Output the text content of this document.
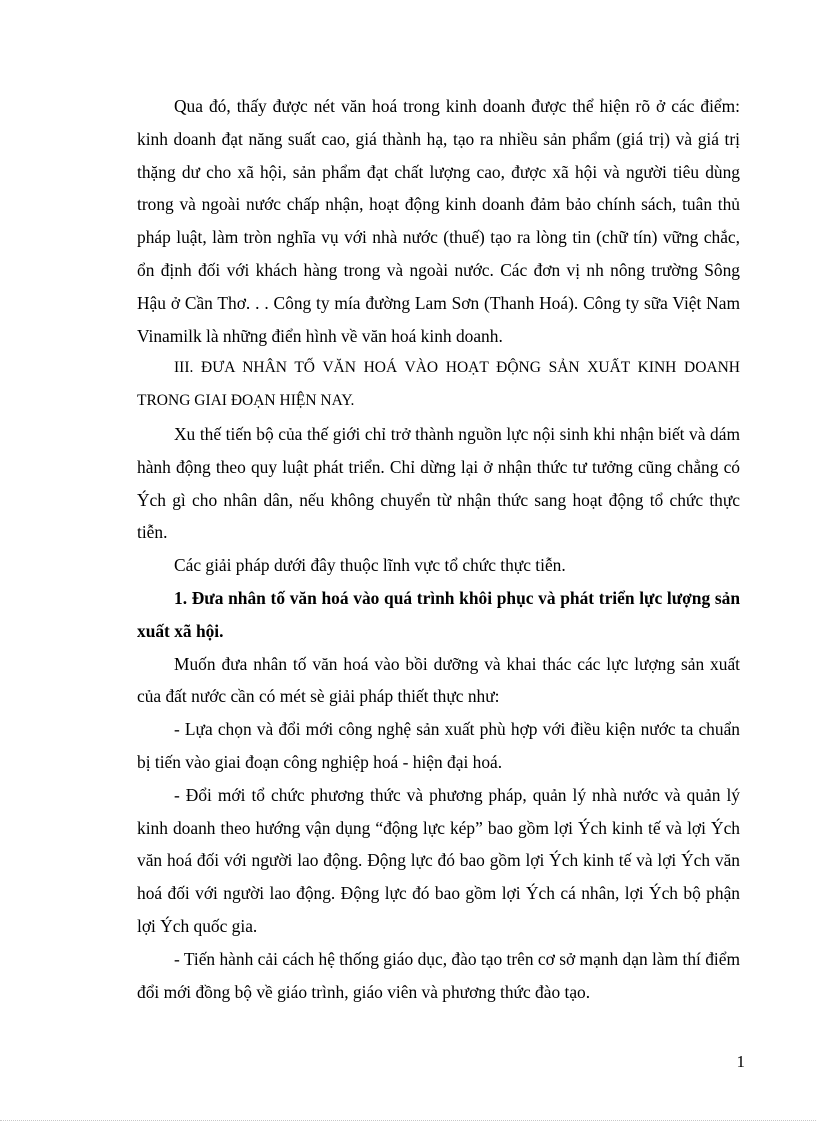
Qua đó, thấy được nét văn hoá trong kinh doanh được thể hiện rõ ở các điểm: kinh doanh đạt năng suất cao, giá thành hạ, tạo ra nhiều sản phẩm (giá trị) và giá trị thặng dư cho xã hội, sản phẩm đạt chất lượng cao, được xã hội và người tiêu dùng trong và ngoài nước chấp nhận, hoạt động kinh doanh đảm bảo chính sách, tuân thủ pháp luật, làm tròn nghĩa vụ với nhà nước (thuế) tạo ra lòng tin (chữ tín) vững chắc, ổn định đối với khách hàng trong và ngoài nước. Các đơn vị nh nông trường Sông Hậu ở Cần Thơ. . . Công ty mía đường Lam Sơn (Thanh Hoá). Công ty sữa Việt Nam Vinamilk là những điển hình về văn hoá kinh doanh.

III. ĐƯA NHÂN TỐ VĂN HOÁ VÀO HOẠT ĐỘNG SẢN XUẤT KINH DOANH TRONG GIAI ĐOẠN HIỆN NAY.

Xu thế tiến bộ của thế giới chỉ trở thành nguồn lực nội sinh khi nhận biết và dám hành động theo quy luật phát triển. Chỉ dừng lại ở nhận thức tư tưởng cũng chẳng có Ých gì cho nhân dân, nếu không chuyển từ nhận thức sang hoạt động tổ chức thực tiễn.

Các giải pháp dưới đây thuộc lĩnh vực tổ chức thực tiễn.

1. Đưa nhân tố văn hoá vào quá trình khôi phục và phát triển lực lượng sản xuất xã hội.

Muốn đưa nhân tố văn hoá vào bồi dưỡng và khai thác các lực lượng sản xuất của đất nước cần có mét sè giải pháp thiết thực như:

- Lựa chọn và đổi mới công nghệ sản xuất phù hợp với điều kiện nước ta chuẩn bị tiến vào giai đoạn công nghiệp hoá - hiện đại hoá.

- Đổi mới tổ chức phương thức và phương pháp, quản lý nhà nước và quản lý kinh doanh theo hướng vận dụng “động lực kép” bao gồm lợi Ých kinh tế và lợi Ých văn hoá đối với người lao động. Động lực đó bao gồm lợi Ých kinh tế và lợi Ých văn hoá đối với người lao động. Động lực đó bao gồm lợi Ých cá nhân, lợi Ých bộ phận lợi Ých quốc gia.

- Tiến hành cải cách hệ thống giáo dục, đào tạo trên cơ sở mạnh dạn làm thí điểm đổi mới đồng bộ về giáo trình, giáo viên và phương thức đào tạo.

1
